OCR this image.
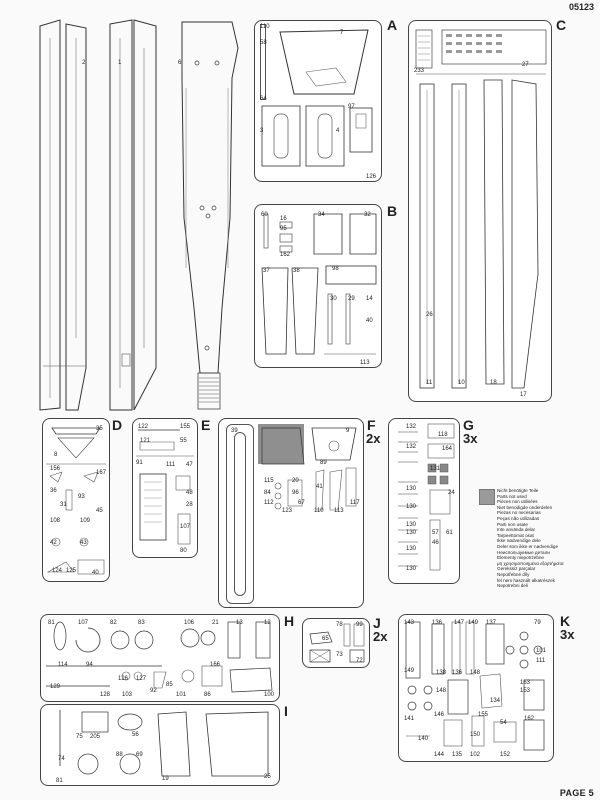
05123
PAGE 5
2	1	6
A
110
58
64
7
3	4
97
126
B
60
16
95
162
34	32
37	38	98
30 29 14
40
113
C
233
27
26
11	10	18
17
D
35
8
156
167
36
31
93
45
108	109
42	43
124 125	40
E
122	155
121	55
91	111 47
48
28
107
80
F
2x
39	9
89
115	20
84
112
96
67
123
41
117
110 113
G
3x
132
132
118
130
130
130
130
164
24
131
130
57
46
61
130
Nicht benötigte Teile
Parts not used
Pièces non utilisées
Niet benodigde onderdelen
Piezas no necesarias
Peças não utilizadas
Parti non usate
Inte använda delar
Tarpeettomat osat
Ikke nødvendige dele
Deler som ikke er nødvendige
Неиспользуемые детали
Elementy niepotrzebne
μη χρησιμοποιημένα εξαρτήματα
Gerekssiz parçalar
Nepotřebné díly
fel nem használt alkatrészek
Nepotrebni deli
H
81	107	82	83	106	21	13	12
114	94
129
128
126 127
166
85
103
92
101	86	100
I
74
75 205	56
88 69
19	25
81
J
2x
78
65
73
99
72
K
3x
143	136 147 149 137	79
101
111
138 136 148
148
134
146
141
155
163
54
140
150
144
162
152
135 102
153
149
